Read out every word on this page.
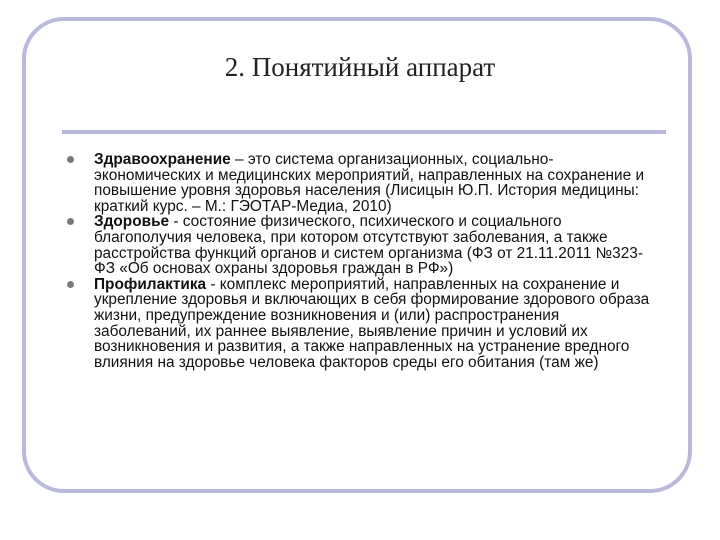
2. Понятийный аппарат

Здравоохранение – это система организационных, социально-экономических и медицинских мероприятий, направленных на сохранение и повышение уровня здоровья населения (Лисицын Ю.П. История медицины: краткий курс. – М.: ГЭОТАР-Медиа, 2010)

Здоровье - состояние физического, психического и социального благополучия человека, при котором отсутствуют заболевания, а также расстройства функций органов и систем организма (ФЗ от 21.11.2011 №323-ФЗ «Об основах охраны здоровья граждан в РФ»)

Профилактика - комплекс мероприятий, направленных на сохранение и укрепление здоровья и включающих в себя формирование здорового образа жизни, предупреждение возникновения и (или) распространения заболеваний, их раннее выявление, выявление причин и условий их возникновения и развития, а также направленных на устранение вредного влияния на здоровье человека факторов среды его обитания (там же)
